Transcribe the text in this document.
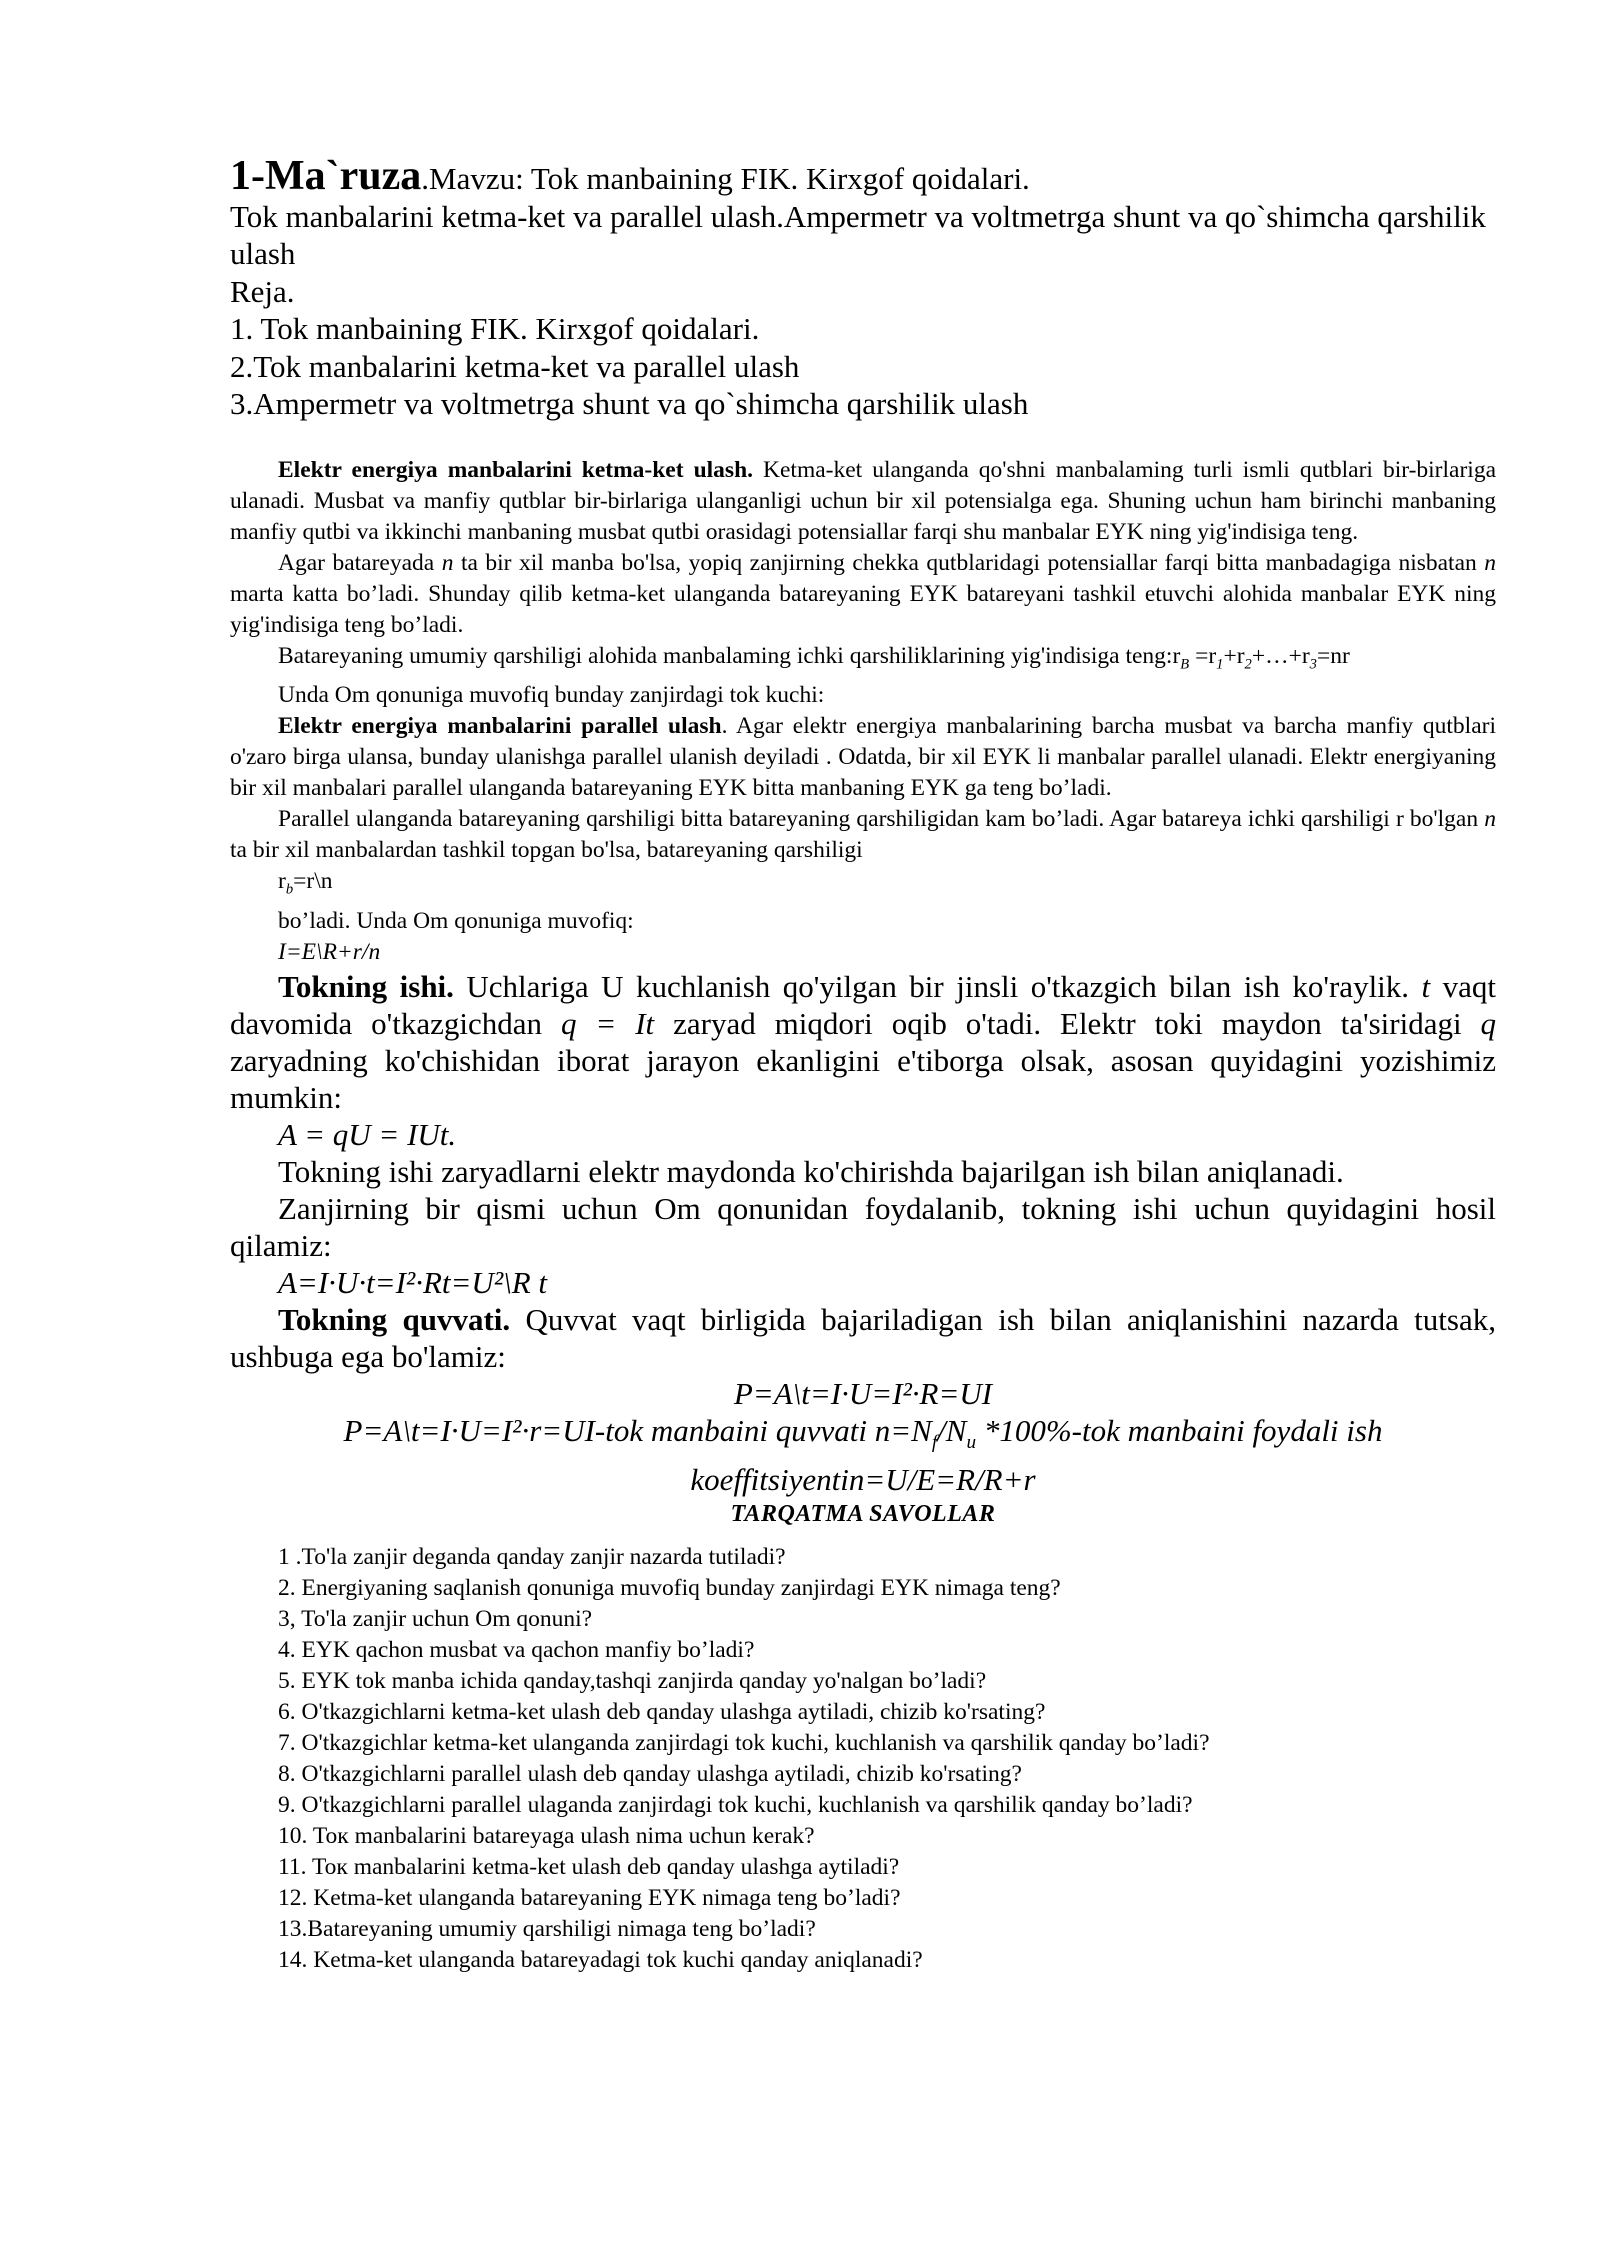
1-Ma`ruza.Mavzu: Tok manbaining FIK. Kirxgof qoidalari.
Tok manbalarini ketma-ket va parallel ulash.Ampermetr va voltmetrga shunt va qo`shimcha qarshilik ulash
Reja.
1. Tok manbaining FIK. Kirxgof qoidalari.
2.Tok manbalarini ketma-ket va parallel ulash
3.Ampermetr va voltmetrga shunt va qo`shimcha qarshilik ulash

Elektr energiya manbalarini ketma-ket ulash. Ketma-ket ulanganda qo'shni manbalaming turli ismli qutblari bir-birlariga ulanadi. Musbat va manfiy qutblar bir-birlariga ulanganligi uchun bir xil potensialga ega. Shuning uchun ham birinchi manbaning manfiy qutbi va ikkinchi manbaning musbat qutbi orasidagi potensiallar farqi shu manbalar EYK ning yig'indisiga teng.

Agar batareyada n ta bir xil manba bo'lsa, yopiq zanjirning chekka qutblaridagi potensiallar farqi bitta manbadagiga nisbatan n marta katta bo’ladi. Shunday qilib ketma-ket ulanganda batareyaning EYK batareyani tashkil etuvchi alohida manbalar EYK ning yig'indisiga teng bo’ladi.

Batareyaning umumiy qarshiligi alohida manbalaming ichki qarshiliklarining yig'indisiga $teng:r_B$ $=r_1+r_2+\dots+r_3=nr$

Unda Om qonuniga muvofiq bunday zanjirdagi tok kuchi:

Elektr energiya manbalarini parallel ulash. Agar elektr energiya manbalarining barcha musbat va barcha manfiy qutblari o'zaro birga ulansa, bunday ulanishga parallel ulanish deyiladi . Odatda, bir xil EYK li manbalar parallel ulanadi. Elektr energiyaning bir xil manbalari parallel ulanganda batareyaning EYK bitta manbaning EYK ga teng bo’ladi.

Parallel ulanganda batareyaning qarshiligi bitta batareyaning qarshiligidan kam bo’ladi. Agar batareya ichki qarshiligi r bo'lgan n ta bir xil manbalardan tashkil topgan bo'lsa, batareyaning qarshiligi

$r_b=r\backslash n$

bo’ladi. Unda Om qonuniga muvofiq:

I=E\R+r/n

Tokning ishi. Uchlariga U kuchlanish qo'yilgan bir jinsli o'tkazgich bilan ish ko'raylik. t vaqt davomida o'tkazgichdan q = It zaryad miqdori oqib o'tadi. Elektr toki maydon ta'siridagi q zaryadning ko'chishidan iborat jarayon ekanligini e'tiborga olsak, asosan quyidagini yozishimiz mumkin:

A = qU = IUt.

Tokning ishi zaryadlarni elektr maydonda ko'chirishda bajarilgan ish bilan aniqlanadi.

Zanjirning bir qismi uchun Om qonunidan foydalanib, tokning ishi uchun quyidagini hosil qilamiz:

A=I·U·t=I²·Rt=U²\R t

Tokning quvvati. Quvvat vaqt birligida bajariladigan ish bilan aniqlanishini nazarda tutsak, ushbuga ega bo'lamiz:

P=A\t=I·U=I²·R=UI

P=A\t=I·U=I²·r=UI-tok manbaini quvvati $n=N_f/N_u$ *100%-tok manbaini foydali ish

koeffitsiyentin=U/E=R/R+r

TARQATMA SAVOLLAR
1 .To'la zanjir deganda qanday zanjir nazarda tutiladi?
2. Energiyaning saqlanish qonuniga muvofiq bunday zanjirdagi EYK nimaga teng?
3, To'la zanjir uchun Om qonuni?
4. EYK qachon musbat va qachon manfiy bo’ladi?
5. EYK tok manba ichida qanday,tashqi zanjirda qanday yo'nalgan bo’ladi?
6. O'tkazgichlarni ketma-ket ulash deb qanday ulashga aytiladi, chizib ko'rsating?
7. O'tkazgichlar ketma-ket ulanganda zanjirdagi tok kuchi, kuchlanish va qarshilik qanday bo’ladi?
8. O'tkazgichlarni parallel ulash deb qanday ulashga aytiladi, chizib ko'rsating?
9. O'tkazgichlarni parallel ulaganda zanjirdagi tok kuchi, kuchlanish va qarshilik qanday bo’ladi?
10. Toк manbalarini batareyaga ulash nima uchun kerak?
11. Toк manbalarini ketma-ket ulash deb qanday ulashga aytiladi?
12. Ketma-ket ulanganda batareyaning EYK nimaga teng bo’ladi?
13.Batareyaning umumiy qarshiligi nimaga teng bo’ladi?
14. Ketma-ket ulanganda batareyadagi tok kuchi qanday aniqlanadi?
